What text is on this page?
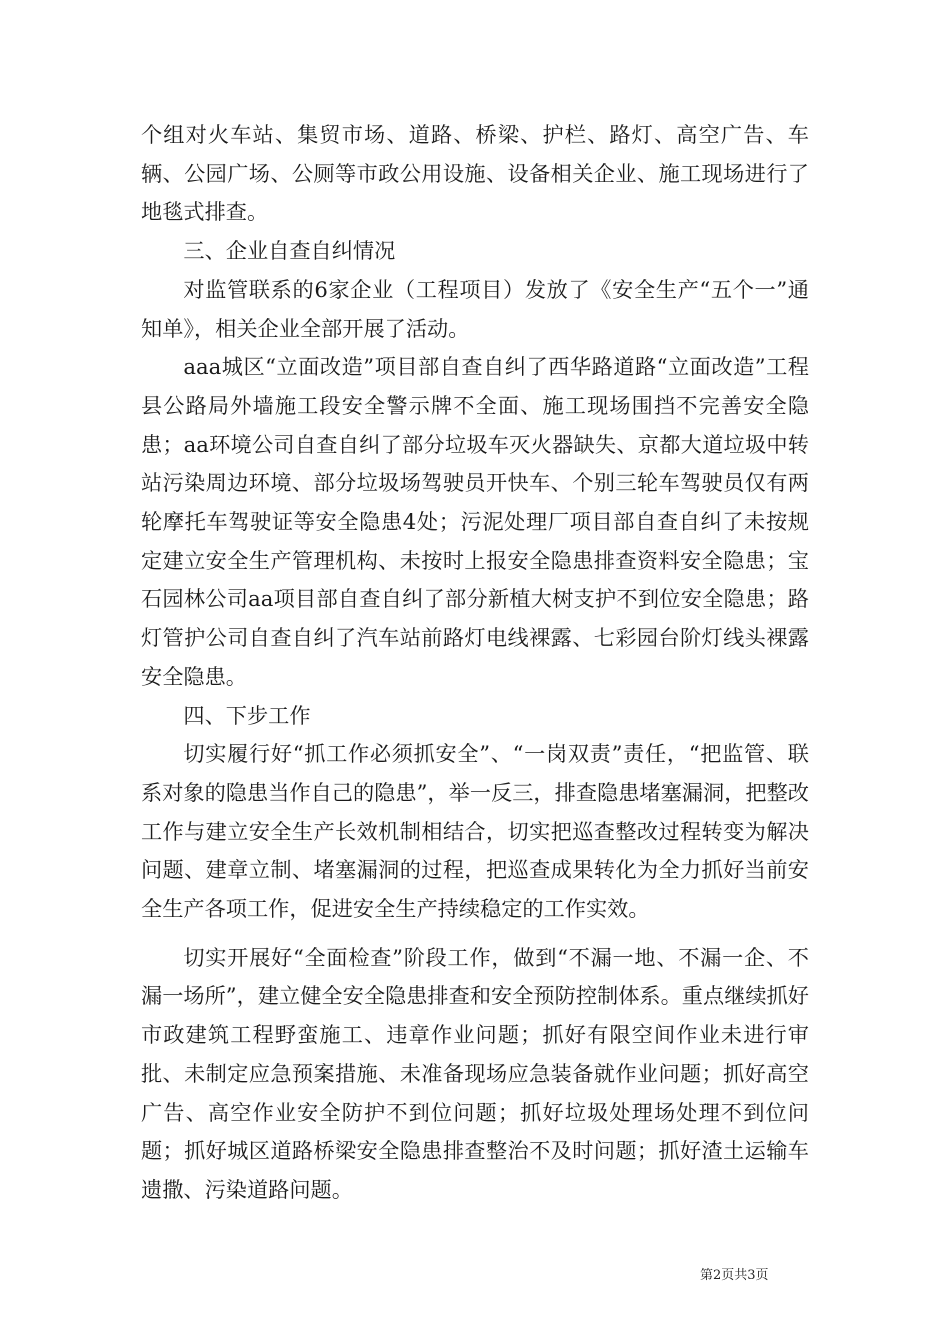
个组对火车站、集贸市场、道路、桥梁、护栏、路灯、高空广告、车辆、公园广场、公厕等市政公用设施、设备相关企业、施工现场进行了地毯式排查。

三、企业自查自纠情况

对监管联系的6家企业（工程项目）发放了《安全生产“五个一”通知单》，相关企业全部开展了活动。

aaa城区“立面改造”项目部自查自纠了西华路道路“立面改造”工程县公路局外墙施工段安全警示牌不全面、施工现场围挡不完善安全隐患；aa环境公司自查自纠了部分垃圾车灭火器缺失、京都大道垃圾中转站污染周边环境、部分垃圾场驾驶员开快车、个别三轮车驾驶员仅有两轮摩托车驾驶证等安全隐患4处；污泥处理厂项目部自查自纠了未按规定建立安全生产管理机构、未按时上报安全隐患排查资料安全隐患；宝石园林公司aa项目部自查自纠了部分新植大树支护不到位安全隐患；路灯管护公司自查自纠了汽车站前路灯电线裸露、七彩园台阶灯线头裸露安全隐患。

四、下步工作

切实履行好“抓工作必须抓安全”、“一岗双责”责任，“把监管、联系对象的隐患当作自己的隐患”，举一反三，排查隐患堵塞漏洞，把整改工作与建立安全生产长效机制相结合，切实把巡查整改过程转变为解决问题、建章立制、堵塞漏洞的过程，把巡查成果转化为全力抓好当前安全生产各项工作，促进安全生产持续稳定的工作实效。

切实开展好“全面检查”阶段工作，做到“不漏一地、不漏一企、不漏一场所”，建立健全安全隐患排查和安全预防控制体系。重点继续抓好市政建筑工程野蛮施工、违章作业问题；抓好有限空间作业未进行审批、未制定应急预案措施、未准备现场应急装备就作业问题；抓好高空广告、高空作业安全防护不到位问题；抓好垃圾处理场处理不到位问题；抓好城区道路桥梁安全隐患排查整治不及时问题；抓好渣土运输车遗撒、污染道路问题。

第2页共3页
